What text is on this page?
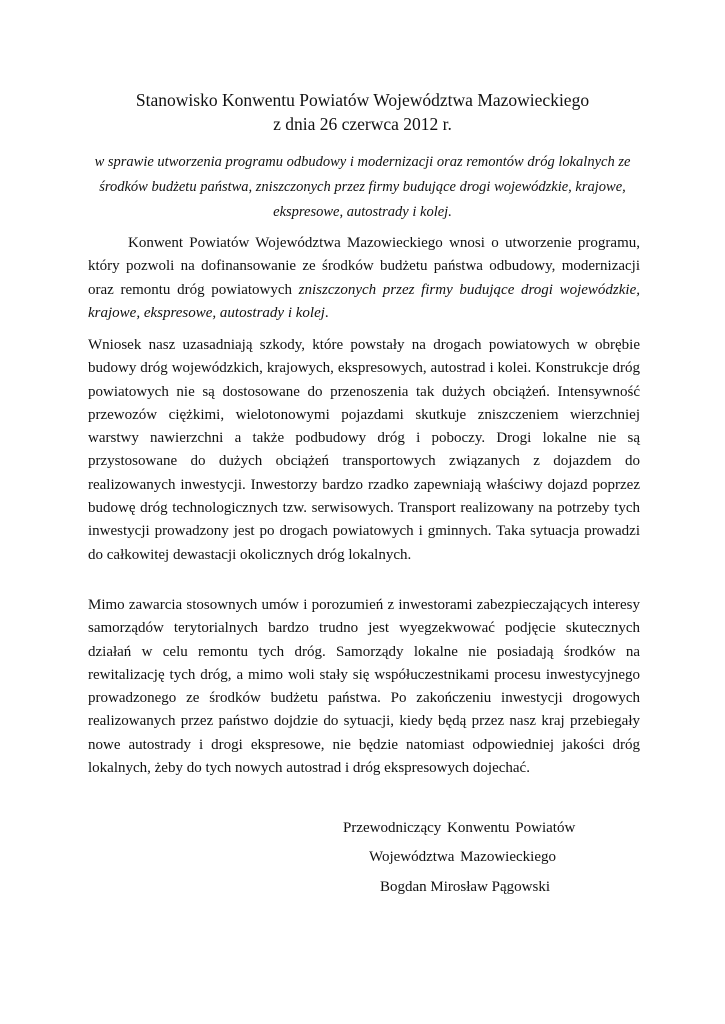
Stanowisko Konwentu Powiatów Województwa Mazowieckiego
z dnia 26 czerwca 2012 r.
w sprawie utworzenia programu odbudowy i modernizacji oraz remontów dróg lokalnych ze środków budżetu państwa, zniszczonych przez firmy budujące drogi wojewódzkie, krajowe, ekspresowe, autostrady i kolej.

Konwent Powiatów Województwa Mazowieckiego wnosi o utworzenie programu, który pozwoli na dofinansowanie ze środków budżetu państwa odbudowy, modernizacji oraz remontu dróg powiatowych zniszczonych przez firmy budujące drogi wojewódzkie, krajowe, ekspresowe, autostrady i kolej.

Wniosek nasz uzasadniają szkody, które powstały na drogach powiatowych w obrębie budowy dróg wojewódzkich, krajowych, ekspresowych, autostrad i kolei. Konstrukcje dróg powiatowych nie są dostosowane do przenoszenia tak dużych obciążeń. Intensywność przewozów ciężkimi, wielotonowymi pojazdami skutkuje zniszczeniem wierzchniej warstwy nawierzchni a także podbudowy dróg i poboczy. Drogi lokalne nie są przystosowane do dużych obciążeń transportowych związanych z dojazdem do realizowanych inwestycji. Inwestorzy bardzo rzadko zapewniają właściwy dojazd poprzez budowę dróg technologicznych tzw. serwisowych. Transport realizowany na potrzeby tych inwestycji prowadzony jest po drogach powiatowych i gminnych. Taka sytuacja prowadzi do całkowitej dewastacji okolicznych dróg lokalnych.

Mimo zawarcia stosownych umów i porozumień z inwestorami zabezpieczających interesy samorządów terytorialnych bardzo trudno jest wyegzekwować podjęcie skutecznych działań w celu remontu tych dróg. Samorządy lokalne nie posiadają środków na rewitalizację tych dróg, a mimo woli stały się współuczestnikami procesu inwestycyjnego prowadzonego ze środków budżetu państwa. Po zakończeniu inwestycji drogowych realizowanych przez państwo dojdzie do sytuacji, kiedy będą przez nasz kraj przebiegały nowe autostrady i drogi ekspresowe, nie będzie natomiast odpowiedniej jakości dróg lokalnych, żeby do tych nowych autostrad i dróg ekspresowych dojechać.

Przewodniczący Konwentu Powiatów
Województwa Mazowieckiego
Bogdan Mirosław Pągowski
